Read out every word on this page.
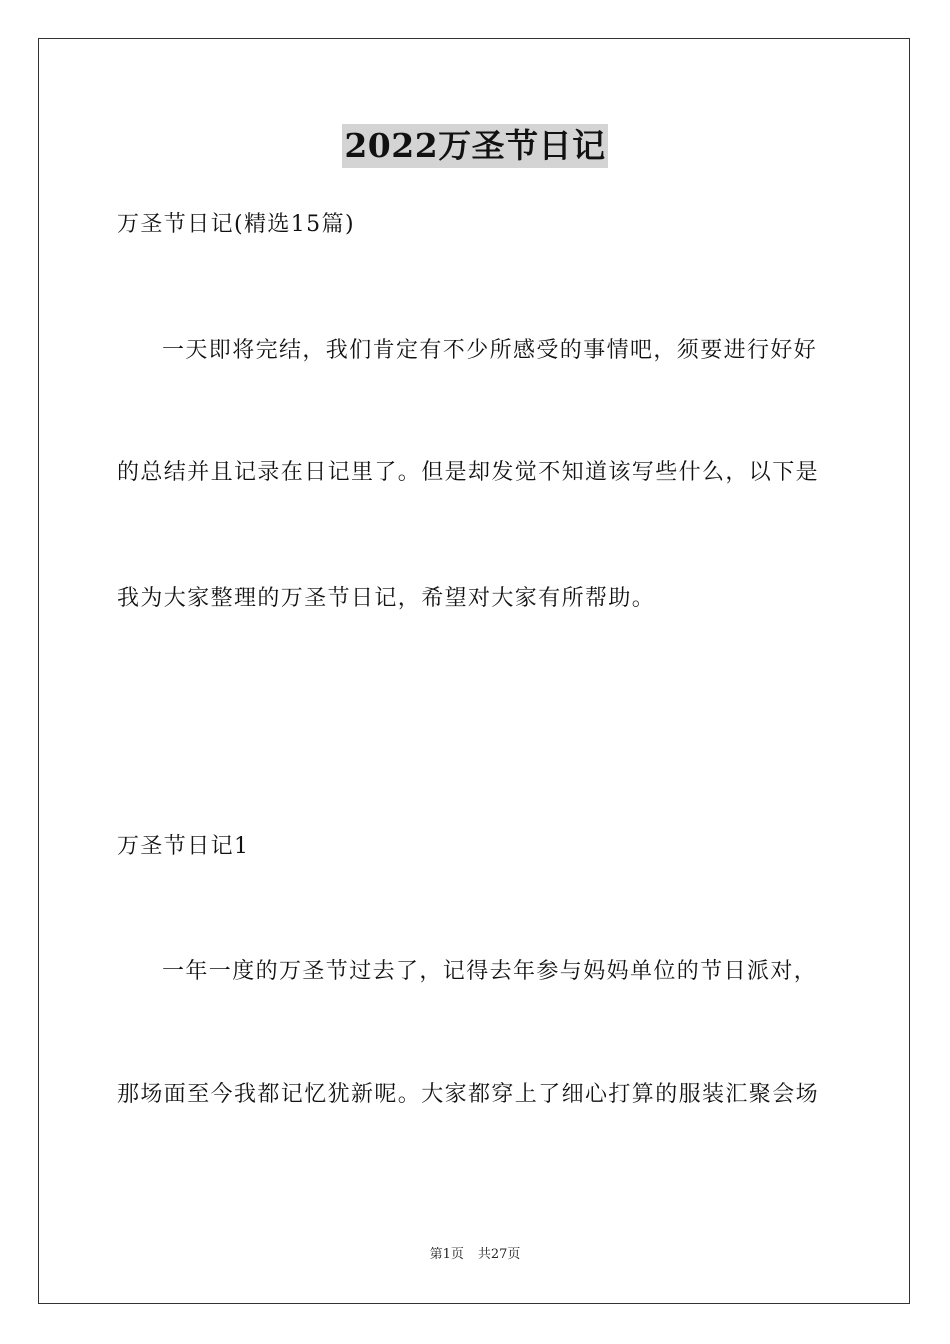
2022万圣节日记
万圣节日记(精选15篇)
一天即将完结，我们肯定有不少所感受的事情吧，须要进行好好
的总结并且记录在日记里了。但是却发觉不知道该写些什么，以下是
我为大家整理的万圣节日记，希望对大家有所帮助。
万圣节日记1
一年一度的万圣节过去了，记得去年参与妈妈单位的节日派对，
那场面至今我都记忆犹新呢。大家都穿上了细心打算的服装汇聚会场
第1页 共27页
